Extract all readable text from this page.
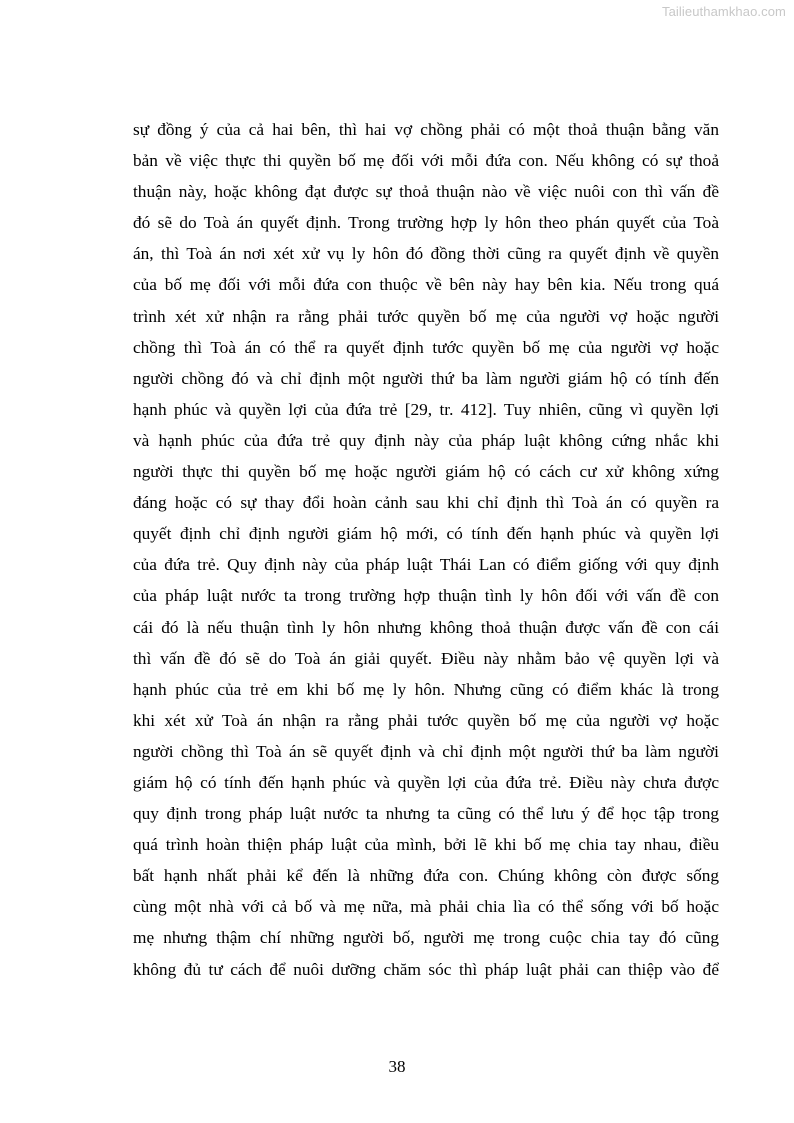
Tailieuthamkhao.com
sự đồng ý của cả hai bên, thì hai vợ chồng phải có một thoả thuận bằng văn
bản về việc thực thi quyền bố mẹ đối với mỗi đứa con. Nếu không có sự thoả
thuận này, hoặc không đạt được sự thoả thuận nào về việc nuôi con thì vấn đề
đó sẽ do Toà án quyết định. Trong trường hợp ly hôn theo phán quyết của Toà
án, thì Toà án nơi xét xử vụ ly hôn đó đồng thời cũng ra quyết định về quyền
của bố mẹ đối với mỗi đứa con thuộc về bên này hay bên kia. Nếu trong quá
trình xét xử nhận ra rằng phải tước quyền bố mẹ của người vợ hoặc người
chồng thì Toà án có thể ra quyết định tước quyền bố mẹ của người vợ hoặc
người chồng đó và chỉ định một người thứ ba làm người giám hộ có tính đến
hạnh phúc và quyền lợi của đứa trẻ [29, tr. 412]. Tuy nhiên, cũng vì quyền lợi
và hạnh phúc của đứa trẻ quy định này của pháp luật không cứng nhắc khi
người thực thi quyền bố mẹ hoặc người giám hộ có cách cư xử không xứng
đáng hoặc có sự thay đổi hoàn cảnh sau khi chỉ định thì Toà án có quyền ra
quyết định chỉ định người giám hộ mới, có tính đến hạnh phúc và quyền lợi
của đứa trẻ. Quy định này của pháp luật Thái Lan có điểm giống với quy định
của pháp luật nước ta trong trường hợp thuận tình ly hôn đối với vấn đề con
cái đó là nếu thuận tình ly hôn nhưng không thoả thuận được vấn đề con cái
thì vấn đề đó sẽ do Toà án giải quyết. Điều này nhằm bảo vệ quyền lợi và
hạnh phúc của trẻ em khi bố mẹ ly hôn. Nhưng cũng có điểm khác là trong
khi xét xử Toà án nhận ra rằng phải tước quyền bố mẹ của người vợ hoặc
người chồng thì Toà án sẽ quyết định và chỉ định một người thứ ba làm người
giám hộ có tính đến hạnh phúc và quyền lợi của đứa trẻ. Điều này chưa được
quy định trong pháp luật nước ta nhưng ta cũng có thể lưu ý để học tập trong
quá trình hoàn thiện pháp luật của mình, bởi lẽ khi bố mẹ chia tay nhau, điều
bất hạnh nhất phải kể đến là những đứa con. Chúng không còn được sống
cùng một nhà với cả bố và mẹ nữa, mà phải chia lìa có thể sống với bố hoặc
mẹ nhưng thậm chí những người bố, người mẹ trong cuộc chia tay đó cũng
không đủ tư cách để nuôi dưỡng chăm sóc thì pháp luật phải can thiệp vào để
38
